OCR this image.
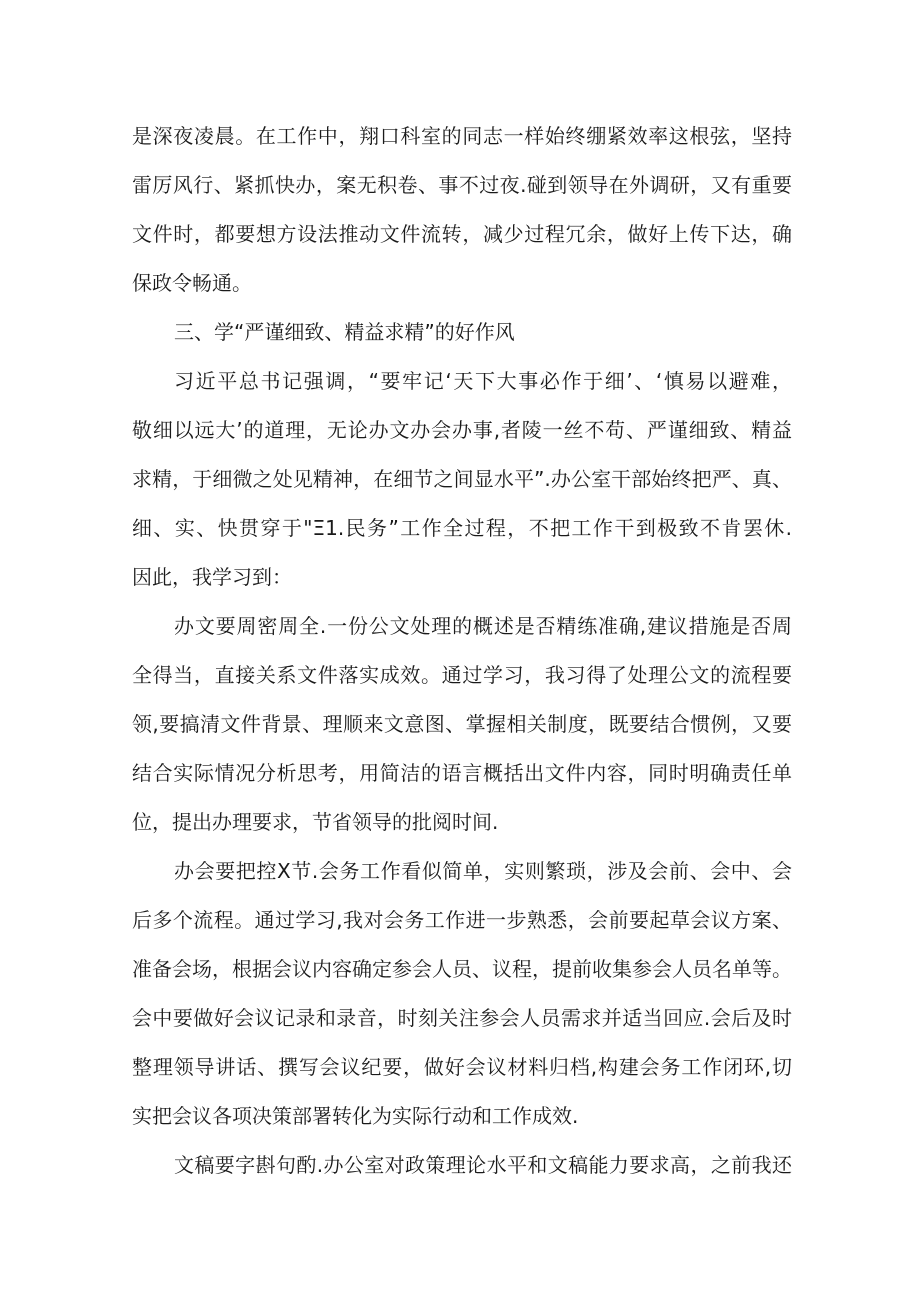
是深夜凌晨。在工作中，翔口科室的同志一样始终绷紧效率这根弦，坚持
雷厉风行、紧抓快办，案无积卷、事不过夜.碰到领导在外调研，又有重要
文件时，都要想方设法推动文件流转，减少过程冗余，做好上传下达，确
保政令畅通。
三、学“严谨细致、精益求精”的好作风
习近平总书记强调，“要牢记‘天下大事必作于细’、‘慎易以避难，
敬细以远大’的道理，无论办文办会办事,者陵一丝不苟、严谨细致、精益
求精，于细微之处见精神，在细节之间显水平”.办公室干部始终把严、真、
细、实、快贯穿于"Ξ1.民务”工作全过程，不把工作干到极致不肯罢休.
因此，我学习到：
办文要周密周全.一份公文处理的概述是否精练准确,建议措施是否周
全得当，直接关系文件落实成效。通过学习，我习得了处理公文的流程要
领,要搞清文件背景、理顺来文意图、掌握相关制度，既要结合惯例，又要
结合实际情况分析思考，用简洁的语言概括出文件内容，同时明确责任单
位，提出办理要求，节省领导的批阅时间.
办会要把控X节.会务工作看似简单，实则繁琐，涉及会前、会中、会
后多个流程。通过学习,我对会务工作进一步熟悉，会前要起草会议方案、
准备会场，根据会议内容确定参会人员、议程，提前收集参会人员名单等。
会中要做好会议记录和录音，时刻关注参会人员需求并适当回应.会后及时
整理领导讲话、撰写会议纪要，做好会议材料归档,构建会务工作闭环,切
实把会议各项决策部署转化为实际行动和工作成效.
文稿要字斟句酌.办公室对政策理论水平和文稿能力要求高，之前我还
